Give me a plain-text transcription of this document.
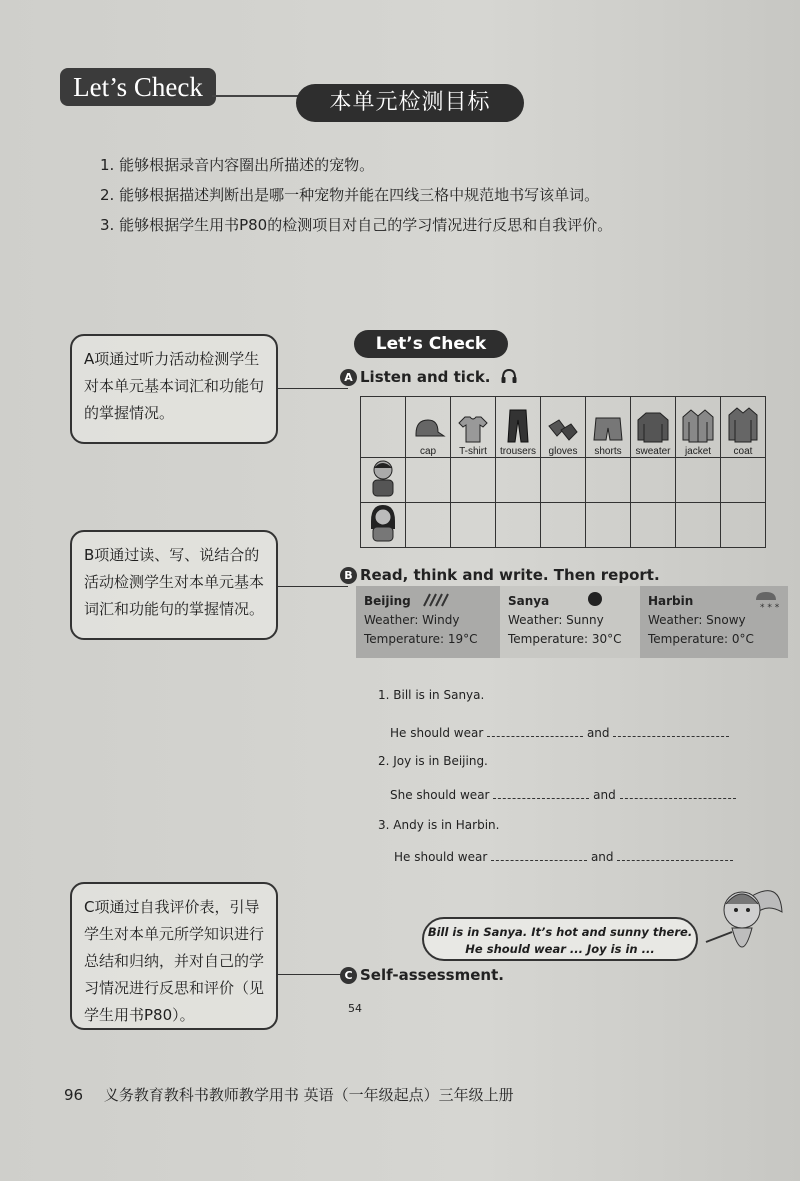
Let’s Check
本单元检测目标
1. 能够根据录音内容圈出所描述的宠物。
2. 能够根据描述判断出是哪一种宠物并能在四线三格中规范地书写该单词。
3. 能够根据学生用书P80的检测项目对自己的学习情况进行反思和自我评价。
A项通过听力活动检测学生对本单元基本词汇和功能句的掌握情况。
B项通过读、写、说结合的活动检测学生对本单元基本词汇和功能句的掌握情况。
C项通过自我评价表，引导学生对本单元所学知识进行总结和归纳，并对自己的学习情况进行反思和评价（见学生用书P80）。
Let’s Check
A Listen and tick.

cap	T-shirt	trousers	gloves	shorts	sweater	jacket	coat

B Read, think and write. Then report.
Beijing
Weather: Windy
Temperature: 19°C
Sanya
Weather: Sunny
Temperature: 30°C
Harbin
Weather: Snowy
Temperature: 0°C
* * *
1. Bill is in Sanya.
He should wear	and
2. Joy is in Beijing.
She should wear	and
3. Andy is in Harbin.
He should wear	and
Bill is in Sanya. It’s hot and sunny there.
He should wear ... Joy is in ...
C Self-assessment.
54
96 义务教育教科书教师教学用书 英语（一年级起点）三年级上册
